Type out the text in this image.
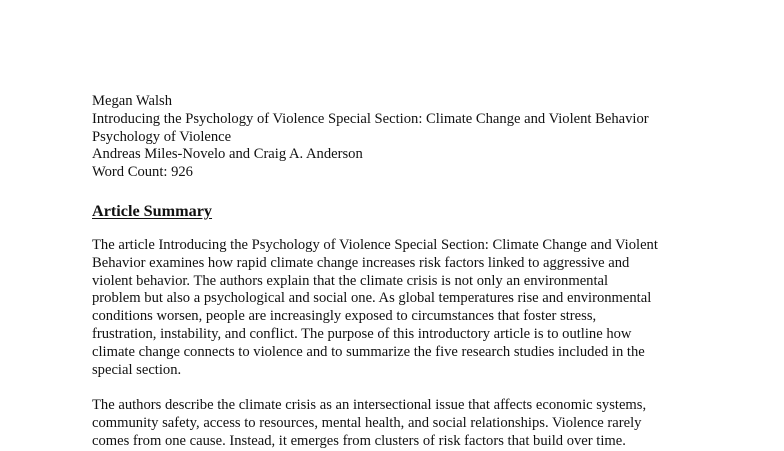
Megan Walsh
Introducing the Psychology of Violence Special Section: Climate Change and Violent Behavior
Psychology of Violence
Andreas Miles-Novelo and Craig A. Anderson
Word Count: 926
Article Summary
The article Introducing the Psychology of Violence Special Section: Climate Change and Violent
Behavior examines how rapid climate change increases risk factors linked to aggressive and
violent behavior. The authors explain that the climate crisis is not only an environmental
problem but also a psychological and social one. As global temperatures rise and environmental
conditions worsen, people are increasingly exposed to circumstances that foster stress,
frustration, instability, and conflict. The purpose of this introductory article is to outline how
climate change connects to violence and to summarize the five research studies included in the
special section.
The authors describe the climate crisis as an intersectional issue that affects economic systems,
community safety, access to resources, mental health, and social relationships. Violence rarely
comes from one cause. Instead, it emerges from clusters of risk factors that build over time.
